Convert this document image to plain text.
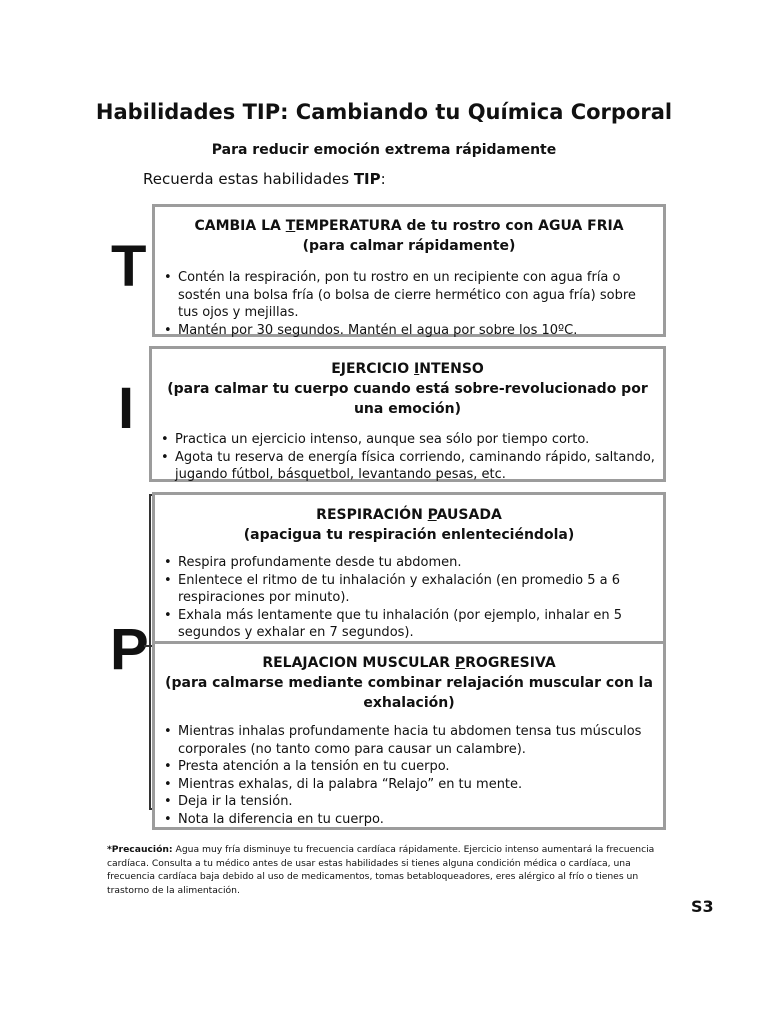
Habilidades TIP: Cambiando tu Química Corporal
Para reducir emoción extrema rápidamente
Recuerda estas habilidades TIP:
T
I
P
CAMBIA LA TEMPERATURA de tu rostro con AGUA FRIA
(para calmar rápidamente)
• Contén la respiración, pon tu rostro en un recipiente con agua fría o sostén una bolsa fría (o bolsa de cierre hermético con agua fría) sobre tus ojos y mejillas.
• Mantén por 30 segundos. Mantén el agua por sobre los 10ºC.
EJERCICIO INTENSO
(para calmar tu cuerpo cuando está sobre-revolucionado por una emoción)
• Practica un ejercicio intenso, aunque sea sólo por tiempo corto.
• Agota tu reserva de energía física corriendo, caminando rápido, saltando, jugando fútbol, básquetbol, levantando pesas, etc.
RESPIRACIÓN PAUSADA
(apacigua tu respiración enlenteciéndola)
• Respira profundamente desde tu abdomen.
• Enlentece el ritmo de tu inhalación y exhalación (en promedio 5 a 6 respiraciones por minuto).
• Exhala más lentamente que tu inhalación (por ejemplo, inhalar en 5 segundos y exhalar en 7 segundos).
RELAJACION MUSCULAR PROGRESIVA
(para calmarse mediante combinar relajación muscular con la exhalación)
• Mientras inhalas profundamente hacia tu abdomen tensa tus músculos corporales (no tanto como para causar un calambre).
• Presta atención a la tensión en tu cuerpo.
• Mientras exhalas, di la palabra “Relajo” en tu mente.
• Deja ir la tensión.
• Nota la diferencia en tu cuerpo.
*Precaución: Agua muy fría disminuye tu frecuencia cardíaca rápidamente. Ejercicio intenso aumentará la frecuencia cardíaca. Consulta a tu médico antes de usar estas habilidades si tienes alguna condición médica o cardíaca, una frecuencia cardíaca baja debido al uso de medicamentos, tomas betabloqueadores, eres alérgico al frío o tienes un trastorno de la alimentación.
S3
